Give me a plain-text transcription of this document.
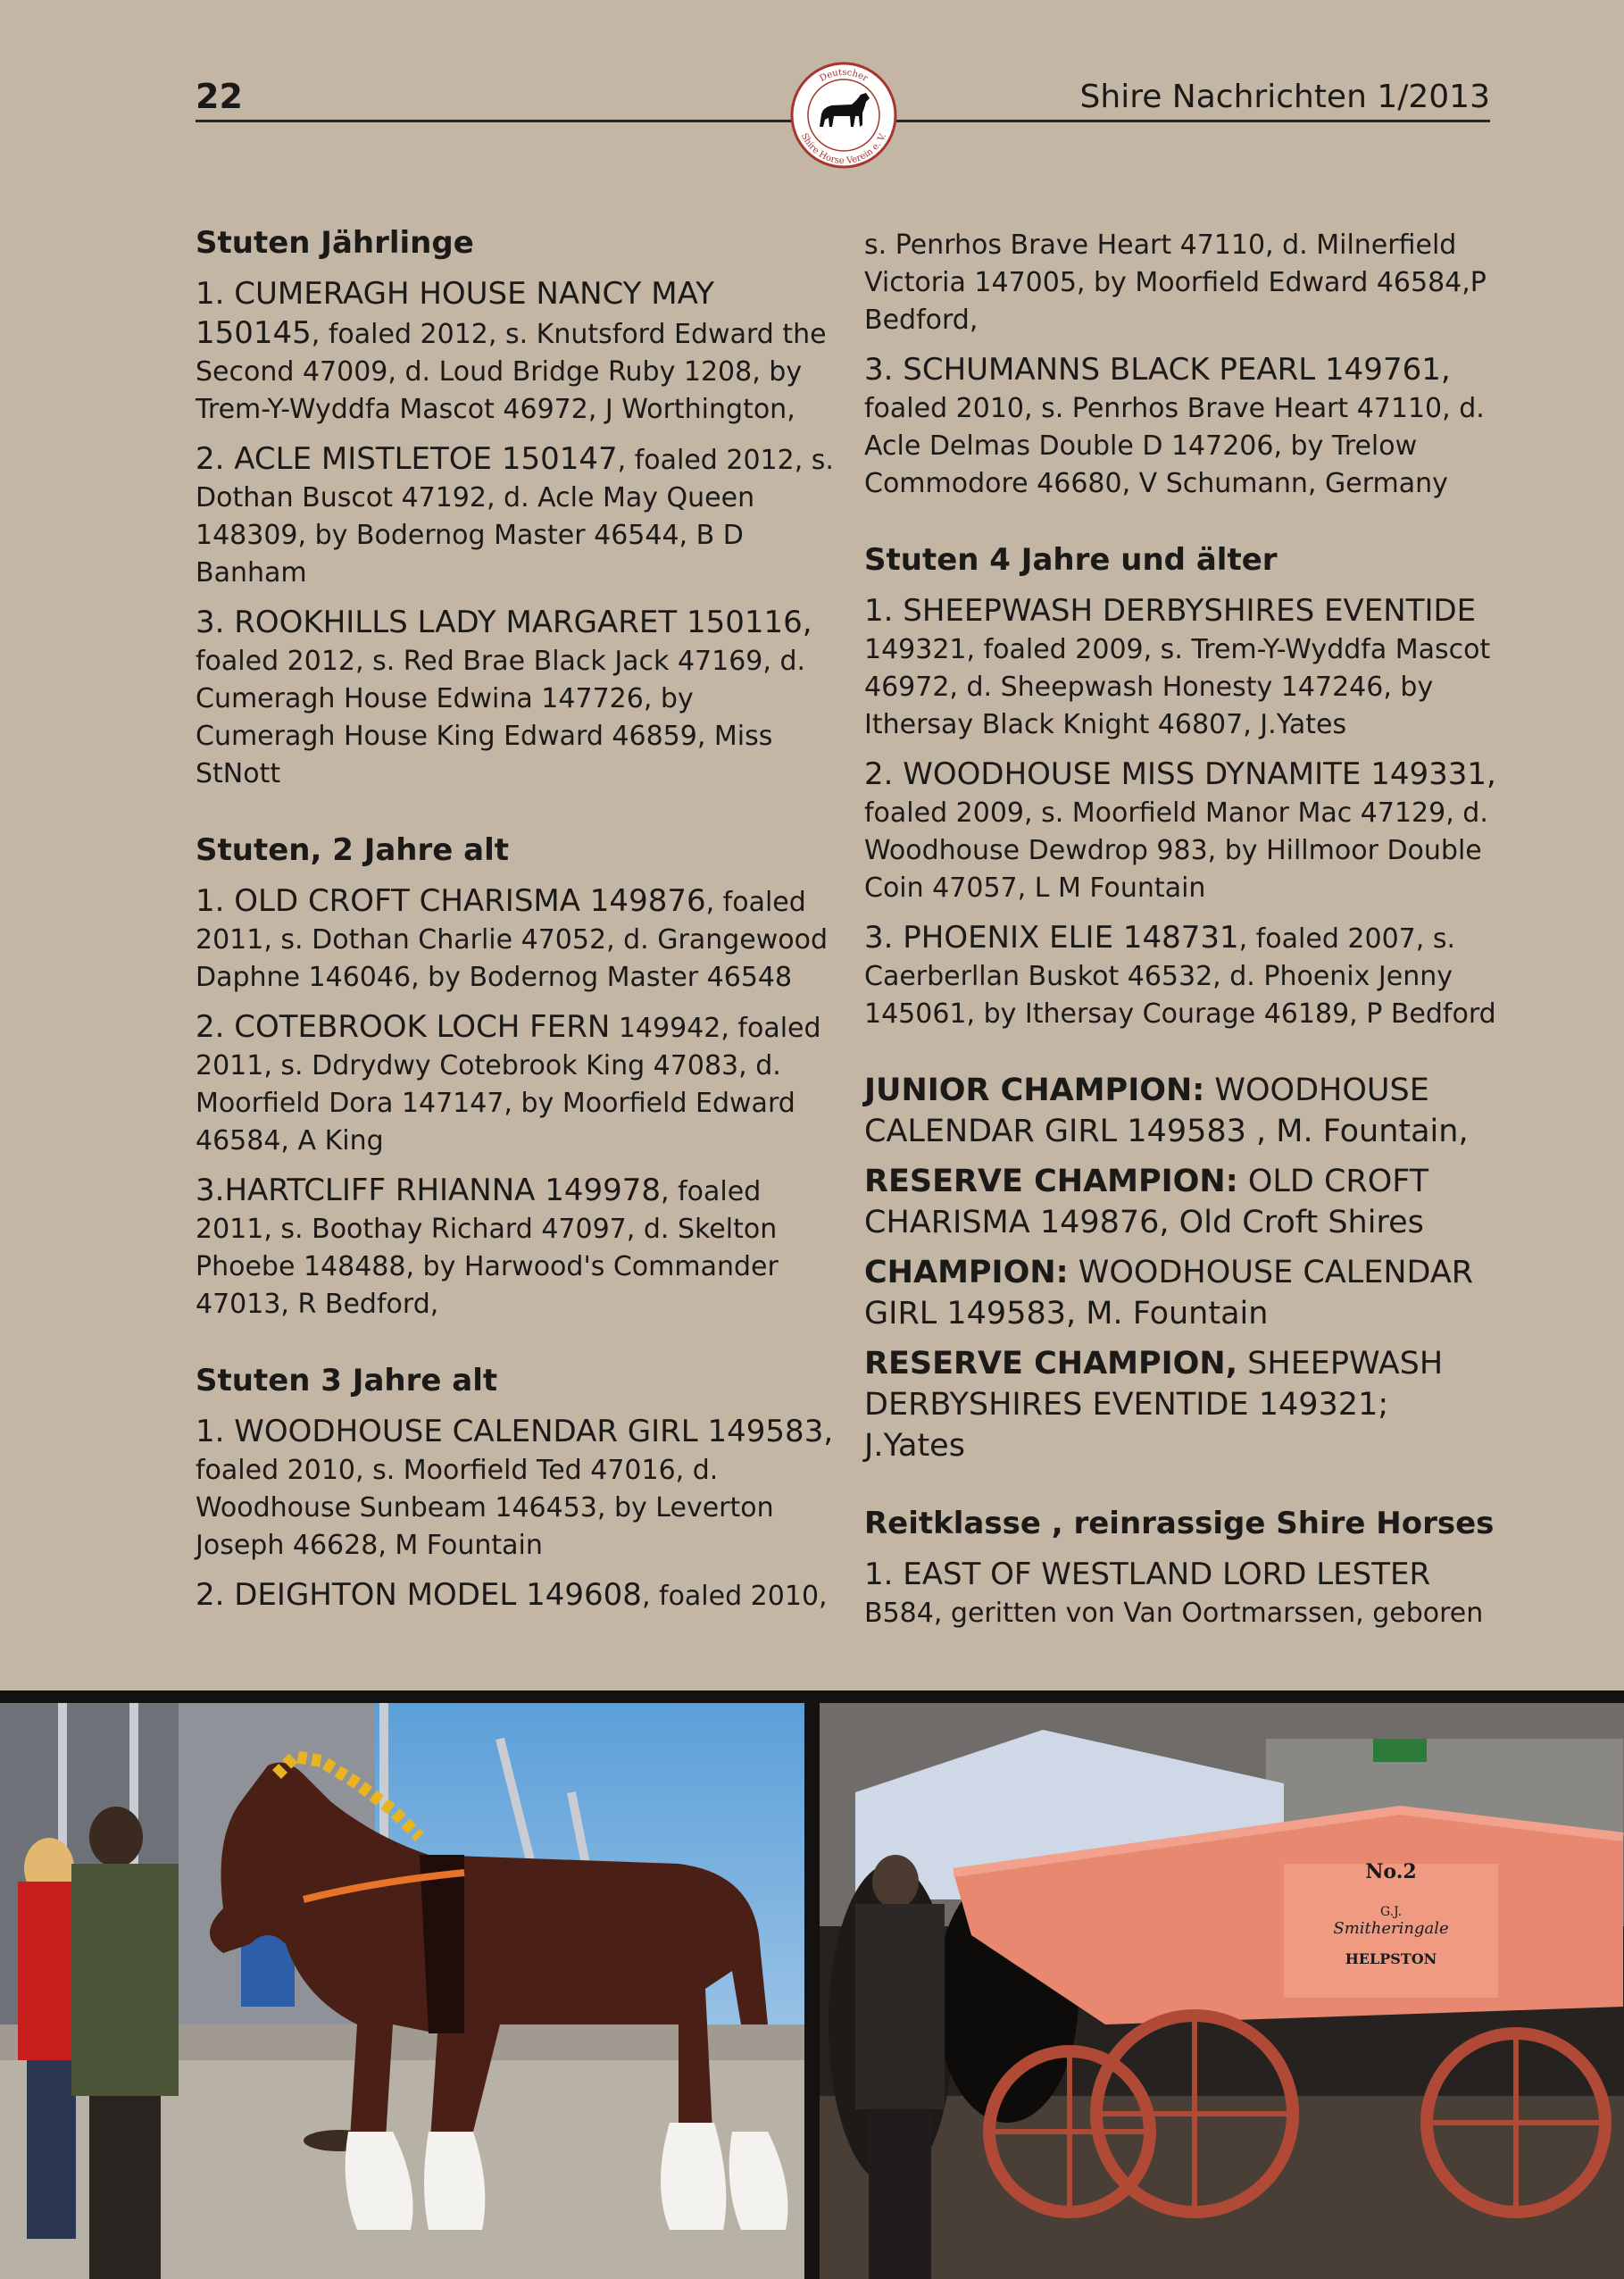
22	Shire Nachrichten 1/2013
Deutscher
Shire Horse Verein e. V.
Stuten Jährlinge
1. CUMERAGH HOUSE NANCY MAY 150145, foaled 2012, s. Knutsford Edward the Second 47009, d. Loud Bridge Ruby 1208, by Trem-Y-Wyddfa Mascot 46972, J Worthington,
2. ACLE MISTLETOE 150147, foaled 2012, s. Dothan Buscot 47192, d. Acle May Queen 148309, by Bodernog Master 46544, B D Banham
3. ROOKHILLS LADY MARGARET 150116, foaled 2012, s. Red Brae Black Jack 47169, d. Cumeragh House Edwina 147726, by Cumeragh House King Edward 46859, Miss StNott
Stuten, 2 Jahre alt
1. OLD CROFT CHARISMA 149876, foaled 2011, s. Dothan Charlie 47052, d. Grangewood Daphne 146046, by Bodernog Master 46548
2. COTEBROOK LOCH FERN 149942, foaled 2011, s. Ddrydwy Cotebrook King 47083, d. Moorfield Dora 147147, by Moorfield Edward 46584, A King
3.HARTCLIFF RHIANNA 149978, foaled 2011, s. Boothay Richard 47097, d. Skelton Phoebe 148488, by Harwood's Commander 47013, R Bedford,
Stuten 3 Jahre alt
1. WOODHOUSE CALENDAR GIRL 149583, foaled 2010, s. Moorfield Ted 47016, d. Woodhouse Sunbeam 146453, by Leverton Joseph 46628, M Fountain
2. DEIGHTON MODEL 149608, foaled 2010,
s. Penrhos Brave Heart 47110, d. Milnerfield Victoria 147005, by Moorfield Edward 46584,P Bedford,
3. SCHUMANNS BLACK PEARL 149761, foaled 2010, s. Penrhos Brave Heart 47110, d. Acle Delmas Double D 147206, by Trelow Commodore 46680, V Schumann, Germany
Stuten 4 Jahre und älter
1. SHEEPWASH DERBYSHIRES EVENTIDE 149321, foaled 2009, s. Trem-Y-Wyddfa Mascot 46972, d. Sheepwash Honesty 147246, by Ithersay Black Knight 46807, J.Yates
2. WOODHOUSE MISS DYNAMITE 149331, foaled 2009, s. Moorfield Manor Mac 47129, d. Woodhouse Dewdrop 983, by Hillmoor Double Coin 47057, L M Fountain
3. PHOENIX ELIE 148731, foaled 2007, s. Caerberllan Buskot 46532, d. Phoenix Jenny 145061, by Ithersay Courage 46189, P Bedford
JUNIOR CHAMPION: WOODHOUSE CALENDAR GIRL 149583 , M. Fountain,
RESERVE CHAMPION: OLD CROFT CHARISMA 149876, Old Croft Shires
CHAMPION: WOODHOUSE CALENDAR GIRL 149583, M. Fountain
RESERVE CHAMPION, SHEEPWASH DERBYSHIRES EVENTIDE 149321; J.Yates
Reitklasse , reinrassige Shire Horses
1. EAST OF WESTLAND LORD LESTER B584, geritten von Van Oortmarssen, geboren
No.2
G.J.
Smitheringale
HELPSTON
